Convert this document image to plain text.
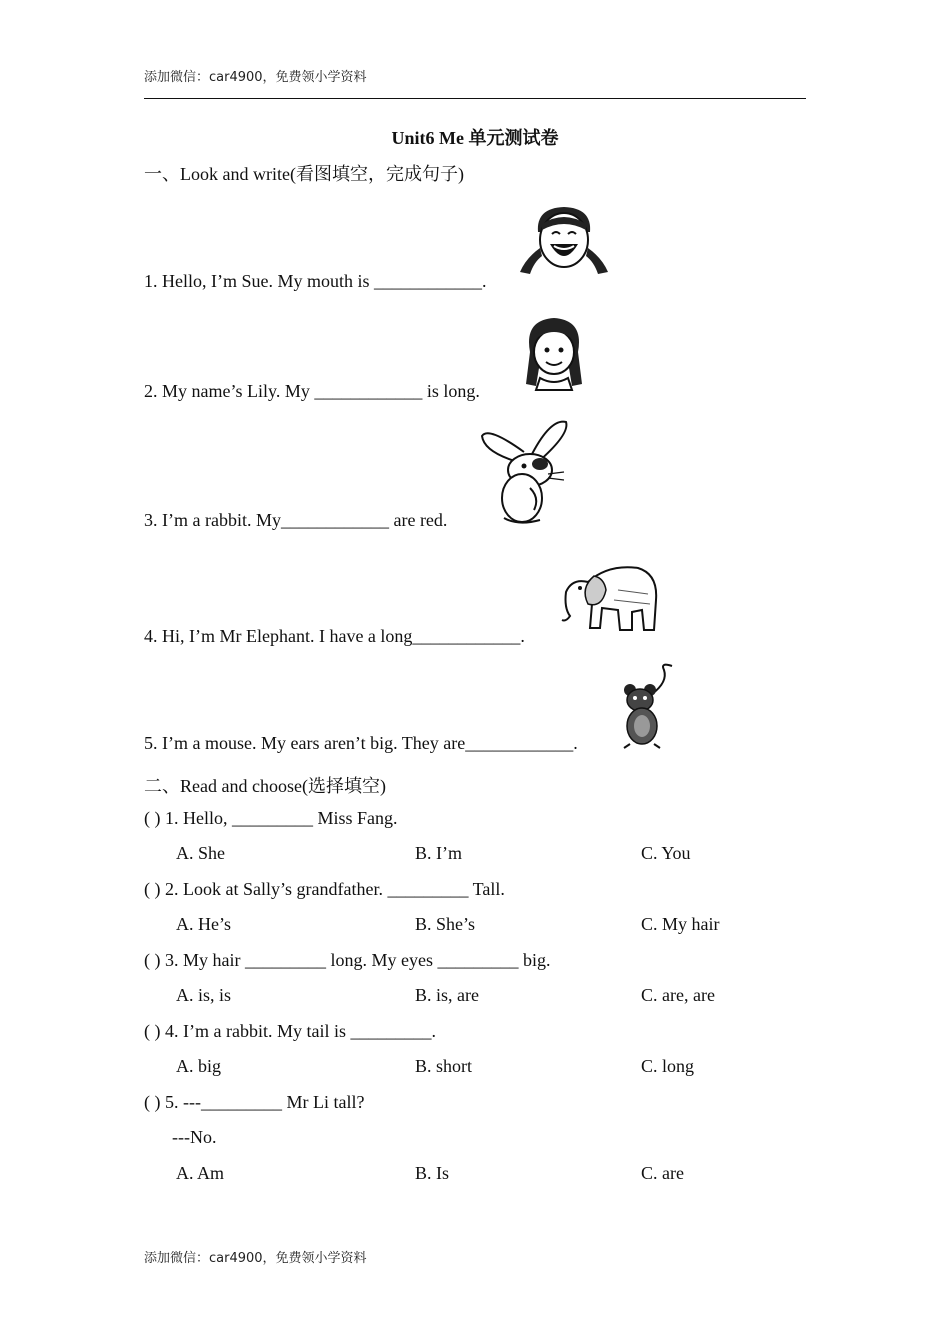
添加微信：car4900，免费领小学资料
Unit6 Me 单元测试卷
一、Look and write(看图填空，完成句子)
1. Hello, I’m Sue. My mouth is ____________.
2. My name’s Lily. My ____________ is long.
3. I’m a rabbit. My____________ are red.
4. Hi, I’m Mr Elephant. I have a long____________.
5. I’m a mouse. My ears aren’t big. They are____________.
二、Read and choose(选择填空)
( ) 1. Hello, _________ Miss Fang.
A. She	B. I’m	C. You
( ) 2. Look at Sally’s grandfather. _________ Tall.
A. He’s	B. She’s	C. My hair
( ) 3. My hair _________ long. My eyes _________ big.
A. is, is	B. is, are	C. are, are
( ) 4. I’m a rabbit. My tail is _________.
A. big	B. short	C. long
( ) 5. ---_________ Mr Li tall?
---No.
A. Am	B. Is	C. are
添加微信：car4900，免费领小学资料
